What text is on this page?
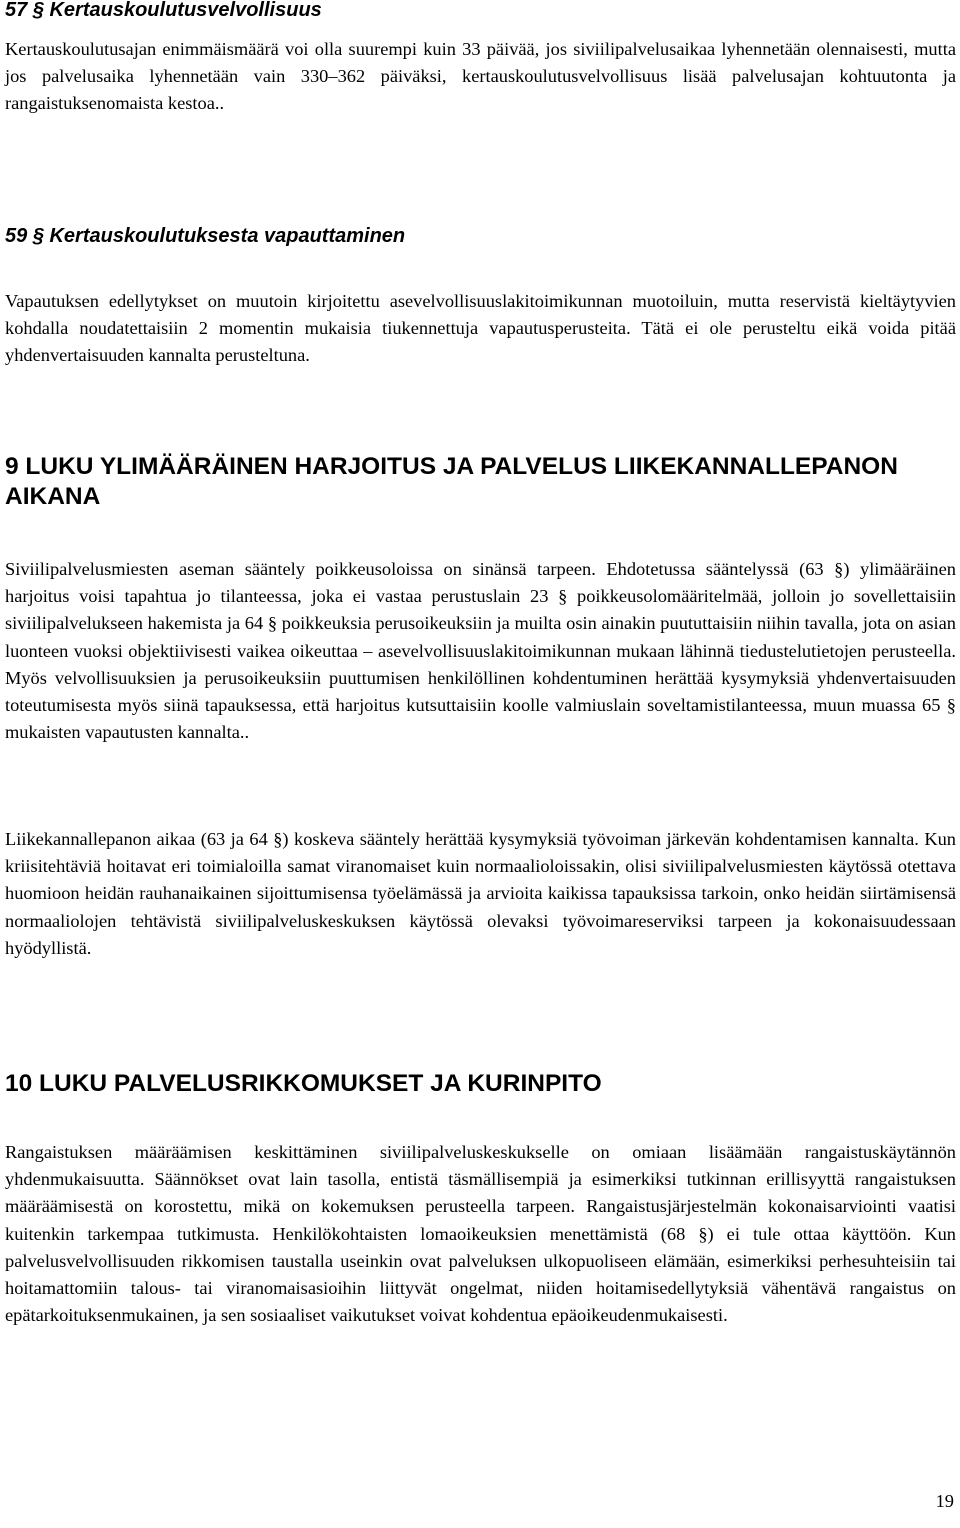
57 § Kertauskoulutusvelvollisuus

Kertauskoulutusajan enimmäismäärä voi olla suurempi kuin 33 päivää, jos siviilipalvelusaikaa lyhennetään olennaisesti, mutta jos palvelusaika lyhennetään vain 330–362 päiväksi, kertauskoulutusvelvollisuus lisää palvelusajan kohtuutonta ja rangaistuksenomaista kestoa..

59 § Kertauskoulutuksesta vapauttaminen

Vapautuksen edellytykset on muutoin kirjoitettu asevelvollisuuslakitoimikunnan muotoiluin, mutta reservistä kieltäytyvien kohdalla noudatettaisiin 2 momentin mukaisia tiukennettuja vapautusperusteita. Tätä ei ole perusteltu eikä voida pitää yhdenvertaisuuden kannalta perusteltuna.

9 LUKU YLIMÄÄRÄINEN HARJOITUS JA PALVELUS LIIKEKANNALLEPANON AIKANA

Siviilipalvelusmiesten aseman sääntely poikkeusoloissa on sinänsä tarpeen. Ehdotetussa sääntelyssä (63 §) ylimääräinen harjoitus voisi tapahtua jo tilanteessa, joka ei vastaa perustuslain 23 § poikkeusolomääritelmää, jolloin jo sovellettaisiin siviilipalvelukseen hakemista ja 64 § poikkeuksia perusoikeuksiin ja muilta osin ainakin puututtaisiin niihin tavalla, jota on asian luonteen vuoksi objektiivisesti vaikea oikeuttaa – asevelvollisuuslakitoimikunnan mukaan lähinnä tiedustelutietojen perusteella. Myös velvollisuuksien ja perusoikeuksiin puuttumisen henkilöllinen kohdentuminen herättää kysymyksiä yhdenvertaisuuden toteutumisesta myös siinä tapauksessa, että harjoitus kutsuttaisiin koolle valmiuslain soveltamistilanteessa, muun muassa 65 § mukaisten vapautusten kannalta..

Liikekannallepanon aikaa (63 ja 64 §) koskeva sääntely herättää kysymyksiä työvoiman järkevän kohdentamisen kannalta. Kun kriisitehtäviä hoitavat eri toimialoilla samat viranomaiset kuin normaalioloissakin, olisi siviilipalvelusmiesten käytössä otettava huomioon heidän rauhanaikainen sijoittumisensa työelämässä ja arvioita kaikissa tapauksissa tarkoin, onko heidän siirtämisensä normaaliolojen tehtävistä siviilipalveluskeskuksen käytössä olevaksi työvoimareserviksi tarpeen ja kokonaisuudessaan hyödyllistä.

10 LUKU PALVELUSRIKKOMUKSET JA KURINPITO

Rangaistuksen määräämisen keskittäminen siviilipalveluskeskukselle on omiaan lisäämään rangaistuskäytännön yhdenmukaisuutta. Säännökset ovat lain tasolla, entistä täsmällisempiä ja esimerkiksi tutkinnan erillisyyttä rangaistuksen määräämisestä on korostettu, mikä on kokemuksen perusteella tarpeen. Rangaistusjärjestelmän kokonaisarviointi vaatisi kuitenkin tarkempaa tutkimusta. Henkilökohtaisten lomaoikeuksien menettämistä (68 §) ei tule ottaa käyttöön. Kun palvelusvelvollisuuden rikkomisen taustalla useinkin ovat palveluksen ulkopuoliseen elämään, esimerkiksi perhesuhteisiin tai hoitamattomiin talous- tai viranomaisasioihin liittyvät ongelmat, niiden hoitamisedellytyksiä vähentävä rangaistus on epätarkoituksenmukainen, ja sen sosiaaliset vaikutukset voivat kohdentua epäoikeudenmukaisesti.

19
